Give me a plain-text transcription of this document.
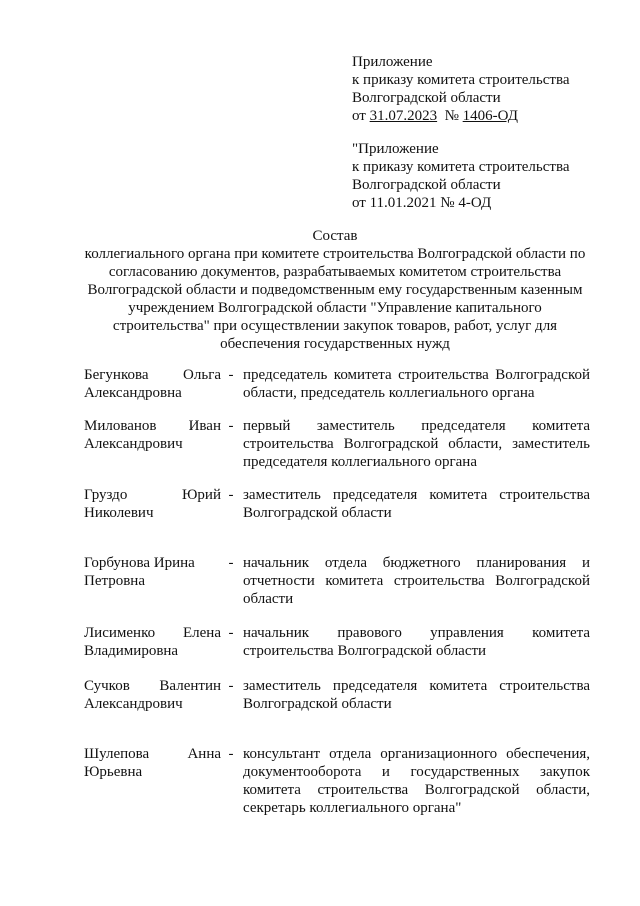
Приложение
к приказу комитета строительства
Волгоградской области
от 31.07.2023 № 1406-ОД
"Приложение
к приказу комитета строительства
Волгоградской области
от 11.01.2021 № 4-ОД
Состав
коллегиального органа при комитете строительства Волгоградской области по
согласованию документов, разрабатываемых комитетом строительства
Волгоградской области и подведомственным ему государственным казенным
учреждением Волгоградской области "Управление капитального
строительства" при осуществлении закупок товаров, работ, услуг для
обеспечения государственных нужд
Бегункова Ольга
Александровна
- председатель комитета строительства Волгоградской области, председатель коллегиального органа
Милованов Иван
Александрович
- первый заместитель председателя комитета строительства Волгоградской области, заместитель председателя коллегиального органа
Груздо	Юрий
Николевич
- заместитель председателя комитета строительства Волгоградской области
Горбунова Ирина
Петровна
- начальник отдела бюджетного планирования и отчетности комитета строительства Волгоградской области
Лисименко Елена
Владимировна
- начальник правового управления комитета строительства Волгоградской области
Сучков Валентин
Александрович
- заместитель председателя комитета строительства Волгоградской области
Шулепова	Анна
Юрьевна
- консультант отдела организационного обеспечения, документооборота и государственных закупок комитета строительства Волгоградской области, секретарь коллегиального органа"
